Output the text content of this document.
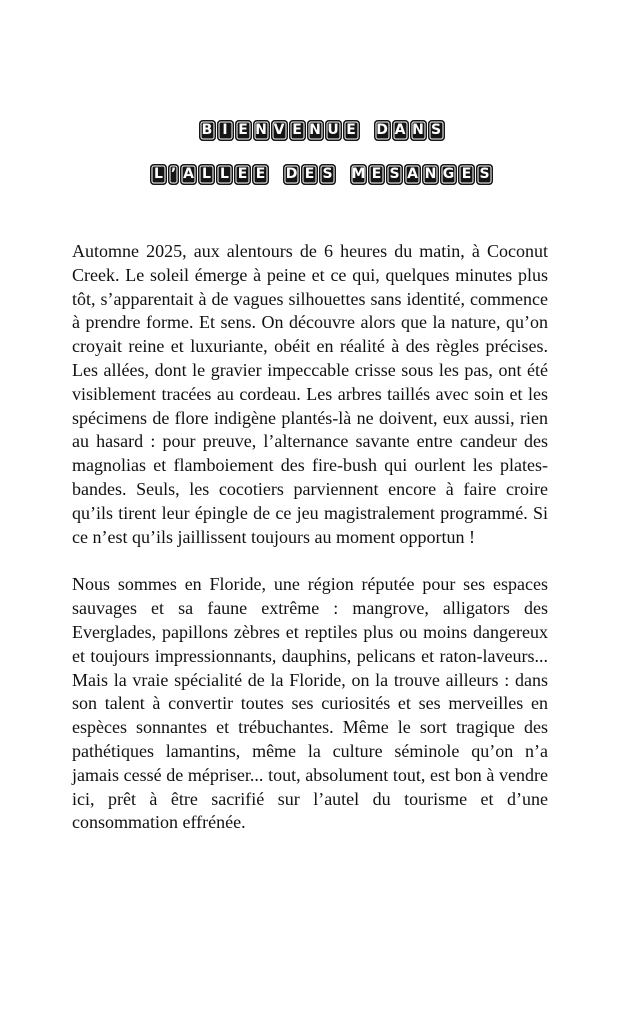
B I E N V E N U E D A N S
L ’ A L L E E D E S M E S A N G E S

Automne 2025, aux alentours de 6 heures du matin, à Coconut Creek. Le soleil émerge à peine et ce qui, quelques minutes plus tôt, s’apparentait à de vagues silhouettes sans identité, commence à prendre forme. Et sens. On découvre alors que la nature, qu’on croyait reine et luxuriante, obéit en réalité à des règles précises. Les allées, dont le gravier impeccable crisse sous les pas, ont été visiblement tracées au cordeau. Les arbres taillés avec soin et les spécimens de flore indigène plantés-là ne doivent, eux aussi, rien au hasard : pour preuve, l’alternance savante entre candeur des magnolias et flamboiement des fire-bush qui ourlent les plates-bandes. Seuls, les cocotiers parviennent encore à faire croire qu’ils tirent leur épingle de ce jeu magistralement programmé. Si ce n’est qu’ils jaillissent toujours au moment opportun !

Nous sommes en Floride, une région réputée pour ses espaces sauvages et sa faune extrême : mangrove, alligators des Everglades, papillons zèbres et reptiles plus ou moins dangereux et toujours impressionnants, dauphins, pelicans et raton-laveurs... Mais la vraie spécialité de la Floride, on la trouve ailleurs : dans son talent à convertir toutes ses curiosités et ses merveilles en espèces sonnantes et trébuchantes. Même le sort tragique des pathétiques lamantins, même la culture séminole qu’on n’a jamais cessé de mépriser... tout, absolument tout, est bon à vendre ici, prêt à être sacrifié sur l’autel du tourisme et d’une consommation effrénée.
